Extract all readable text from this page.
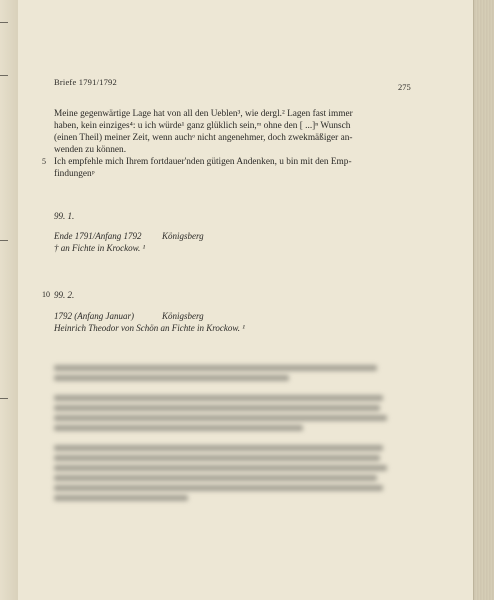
Briefe 1791/1792	275
Meine gegenwärtige Lage hat von all den Ueblen³, wie dergl.² Lagen fast immer
haben, kein einziges⁴: u ich würde¹ ganz glüklich sein,ᵐ ohne den [ ...]ⁿ Wunsch
(einen Theil) meiner Zeit, wenn auchᵒ nicht angenehmer, doch zwekmäßiger an-
wenden zu können.
5 Ich empfehle mich Ihrem fortdauer'nden gütigen Andenken, u bin mit den Emp-
findungenᵖ
99. 1.
Ende 1791/Anfang 1792 Königsberg
† an Fichte in Krockow. ¹
10 99. 2.
1792 (Anfang Januar)	Königsberg
Heinrich Theodor von Schön an Fichte in Krockow. ¹
